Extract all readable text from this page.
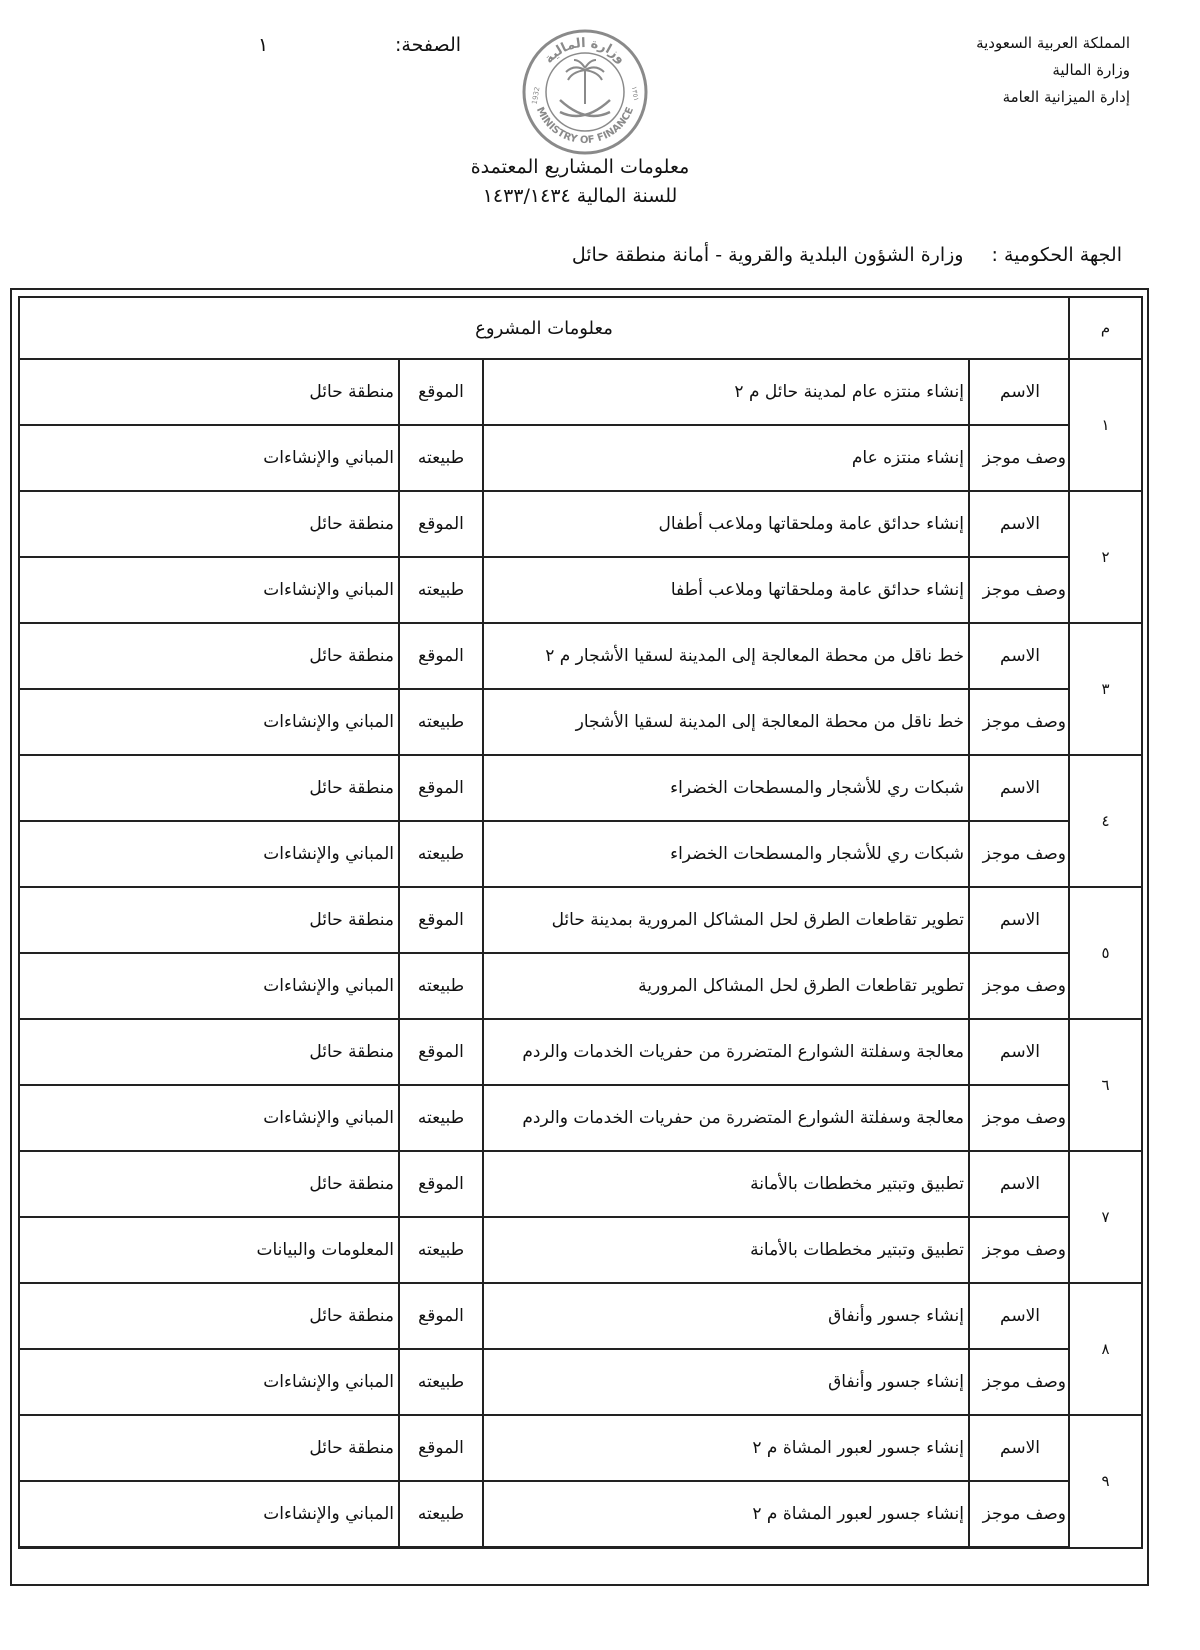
المملكة العربية السعودية
وزارة المالية
إدارة الميزانية العامة
الصفحة:
١
وزارة المالية
MINISTRY OF FINANCE
1932	١٣٥١
معلومات المشاريع المعتمدة
للسنة المالية ١٤٣٣/١٤٣٤
الجهة الحكومية : وزارة الشؤون البلدية والقروية - أمانة منطقة حائل
م	معلومات المشروع			
١	الاسم	إنشاء منتزه عام لمدينة حائل م ٢	الموقع	منطقة حائل
	وصف موجز	إنشاء منتزه عام	طبيعته	المباني والإنشاءات
٢	الاسم	إنشاء حدائق عامة وملحقاتها وملاعب أطفال	الموقع	منطقة حائل
	وصف موجز	إنشاء حدائق عامة وملحقاتها وملاعب أطفا	طبيعته	المباني والإنشاءات
٣	الاسم	خط ناقل من محطة المعالجة إلى المدينة لسقيا الأشجار م ٢	الموقع	منطقة حائل
	وصف موجز	خط ناقل من محطة المعالجة إلى المدينة لسقيا الأشجار	طبيعته	المباني والإنشاءات
٤	الاسم	شبكات ري للأشجار والمسطحات الخضراء	الموقع	منطقة حائل
	وصف موجز	شبكات ري للأشجار والمسطحات الخضراء	طبيعته	المباني والإنشاءات
٥	الاسم	تطوير تقاطعات الطرق لحل المشاكل المرورية بمدينة حائل	الموقع	منطقة حائل
	وصف موجز	تطوير تقاطعات الطرق لحل المشاكل المرورية	طبيعته	المباني والإنشاءات
٦	الاسم	معالجة وسفلتة الشوارع المتضررة من حفريات الخدمات والردم	الموقع	منطقة حائل
	وصف موجز	معالجة وسفلتة الشوارع المتضررة من حفريات الخدمات والردم	طبيعته	المباني والإنشاءات
٧	الاسم	تطبيق وتبتير مخططات بالأمانة	الموقع	منطقة حائل
	وصف موجز	تطبيق وتبتير مخططات بالأمانة	طبيعته	المعلومات والبيانات
٨	الاسم	إنشاء جسور وأنفاق	الموقع	منطقة حائل
	وصف موجز	إنشاء جسور وأنفاق	طبيعته	المباني والإنشاءات
٩	الاسم	إنشاء جسور لعبور المشاة م ٢	الموقع	منطقة حائل
	وصف موجز	إنشاء جسور لعبور المشاة م ٢	طبيعته	المباني والإنشاءات
